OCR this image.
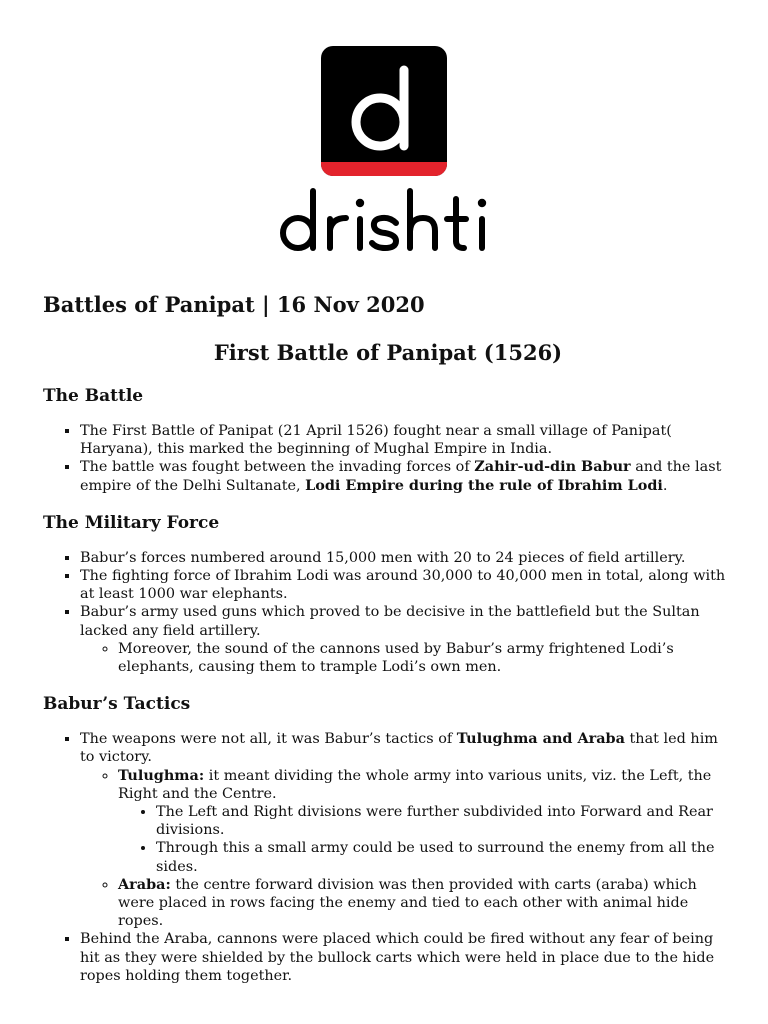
Battles of Panipat | 16 Nov 2020
First Battle of Panipat (1526)
The Battle
▪ The First Battle of Panipat (21 April 1526) fought near a small village of Panipat( Haryana), this marked the beginning of Mughal Empire in India.
▪ The battle was fought between the invading forces of Zahir-ud-din Babur and the last empire of the Delhi Sultanate, Lodi Empire during the rule of Ibrahim Lodi.
The Military Force
▪ Babur’s forces numbered around 15,000 men with 20 to 24 pieces of field artillery.
▪ The fighting force of Ibrahim Lodi was around 30,000 to 40,000 men in total, along with at least 1000 war elephants.
▪ Babur’s army used guns which proved to be decisive in the battlefield but the Sultan lacked any field artillery.
◦ Moreover, the sound of the cannons used by Babur’s army frightened Lodi’s elephants, causing them to trample Lodi’s own men.
Babur’s Tactics
▪ The weapons were not all, it was Babur’s tactics of Tulughma and Araba that led him to victory.
◦ Tulughma: it meant dividing the whole army into various units, viz. the Left, the Right and the Centre.
• The Left and Right divisions were further subdivided into Forward and Rear divisions.
• Through this a small army could be used to surround the enemy from all the sides.
◦ Araba: the centre forward division was then provided with carts (araba) which were placed in rows facing the enemy and tied to each other with animal hide ropes.
▪ Behind the Araba, cannons were placed which could be fired without any fear of being hit as they were shielded by the bullock carts which were held in place due to the hide ropes holding them together.
